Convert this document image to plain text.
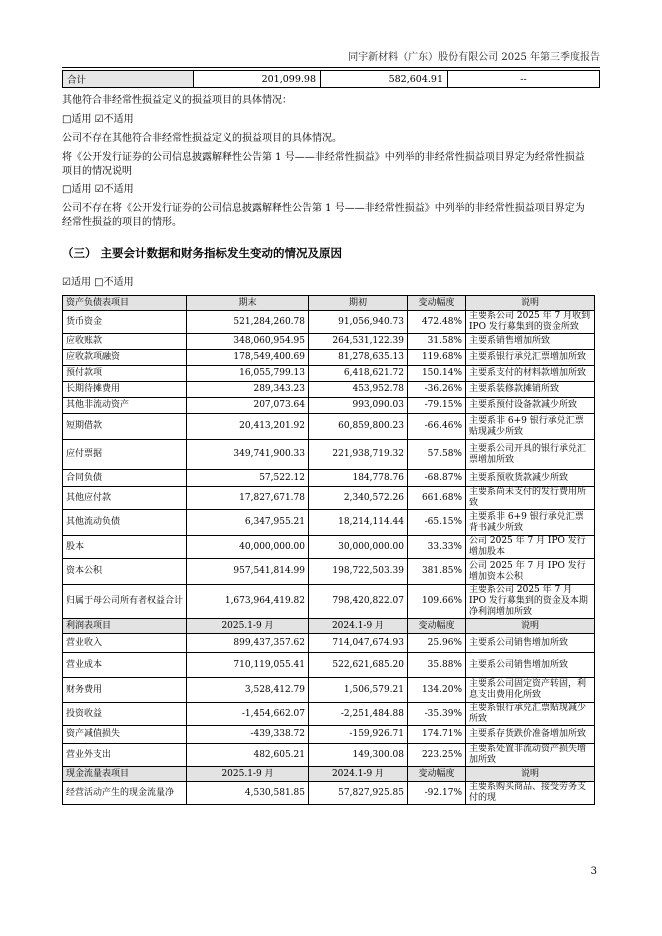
同宇新材料（广东）股份有限公司 2025 年第三季度报告
合计	201,099.98	582,604.91	--
其他符合非经常性损益定义的损益项目的具体情况：
□适用 ☑不适用
公司不存在其他符合非经常性损益定义的损益项目的具体情况。
将《公开发行证券的公司信息披露解释性公告第 1 号——非经常性损益》中列举的非经常性损益项目界定为经常性损益项目的情况说明
□适用 ☑不适用
公司不存在将《公开发行证券的公司信息披露解释性公告第 1 号——非经常性损益》中列举的非经常性损益项目界定为经常性损益的项目的情形。
（三） 主要会计数据和财务指标发生变动的情况及原因
☑适用 □不适用
资产负债表项目	期末	期初	变动幅度	说明
货币资金	521,284,260.78	91,056,940.73	472.48%	主要系公司 2025 年 7 月收到 IPO 发行募集到的资金所致
应收账款	348,060,954.95	264,531,122.39	31.58%	主要系销售增加所致
应收款项融资	178,549,400.69	81,278,635.13	119.68%	主要系银行承兑汇票增加所致
预付款项	16,055,799.13	6,418,621.72	150.14%	主要系支付的材料款增加所致
长期待摊费用	289,343.23	453,952.78	-36.26%	主要系装修款摊销所致
其他非流动资产	207,073.64	993,090.03	-79.15%	主要系预付设备款减少所致
短期借款	20,413,201.92	60,859,800.23	-66.46%	主要系非 6+9 银行承兑汇票贴现减少所致
应付票据	349,741,900.33	221,938,719.32	57.58%	主要系公司开具的银行承兑汇票增加所致
合同负债	57,522.12	184,778.76	-68.87%	主要系预收货款减少所致
其他应付款	17,827,671.78	2,340,572.26	661.68%	主要系尚未支付的发行费用所致
其他流动负债	6,347,955.21	18,214,114.44	-65.15%	主要系非 6+9 银行承兑汇票背书减少所致
股本	40,000,000.00	30,000,000.00	33.33%	公司 2025 年 7 月 IPO 发行增加股本
资本公积	957,541,814.99	198,722,503.39	381.85%	公司 2025 年 7 月 IPO 发行增加资本公积
归属于母公司所有者权益合计	1,673,964,419.82	798,420,822.07	109.66%	主要系公司 2025 年 7 月 IPO 发行募集到的资金及本期净利润增加所致
利润表项目	2025.1-9 月	2024.1-9 月	变动幅度	说明
营业收入	899,437,357.62	714,047,674.93	25.96%	主要系公司销售增加所致
营业成本	710,119,055.41	522,621,685.20	35.88%	主要系公司销售增加所致
财务费用	3,528,412.79	1,506,579.21	134.20%	主要系公司固定资产转固，利息支出费用化所致
投资收益	-1,454,662.07	-2,251,484.88	-35.39%	主要系银行承兑汇票贴现减少所致
资产减值损失	-439,338.72	-159,926.71	174.71%	主要系存货跌价准备增加所致
营业外支出	482,605.21	149,300.08	223.25%	主要系处置非流动资产损失增加所致
现金流量表项目	2025.1-9 月	2024.1-9 月	变动幅度	说明
经营活动产生的现金流量净	4,530,581.85	57,827,925.85	-92.17%	主要系购买商品、接受劳务支付的现
3
